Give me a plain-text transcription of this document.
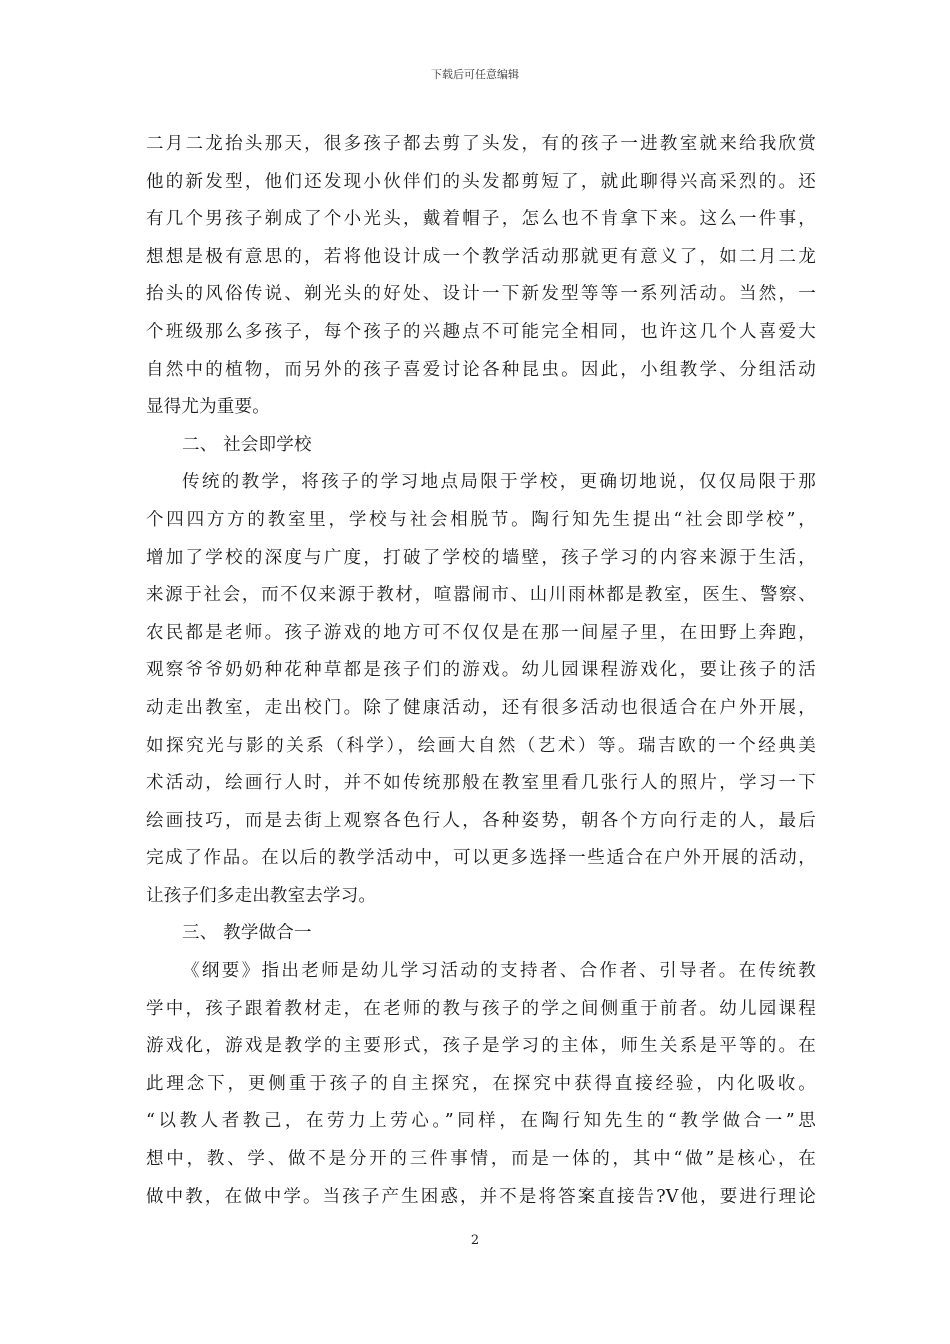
下载后可任意编辑
二月二龙抬头那天，很多孩子都去剪了头发，有的孩子一进教室就来给我欣赏
他的新发型，他们还发现小伙伴们的头发都剪短了，就此聊得兴高采烈的。还
有几个男孩子剃成了个小光头，戴着帽子，怎么也不肯拿下来。这么一件事，
想想是极有意思的，若将他设计成一个教学活动那就更有意义了，如二月二龙
抬头的风俗传说、剃光头的好处、设计一下新发型等等一系列活动。当然，一
个班级那么多孩子，每个孩子的兴趣点不可能完全相同，也许这几个人喜爱大
自然中的植物，而另外的孩子喜爱讨论各种昆虫。因此，小组教学、分组活动
显得尤为重要。
二、 社会即学校
传统的教学，将孩子的学习地点局限于学校，更确切地说，仅仅局限于那
个四四方方的教室里，学校与社会相脱节。陶行知先生提出“社会即学校”，
增加了学校的深度与广度，打破了学校的墙壁，孩子学习的内容来源于生活，
来源于社会，而不仅来源于教材，喧嚣闹市、山川雨林都是教室，医生、警察、
农民都是老师。孩子游戏的地方可不仅仅是在那一间屋子里，在田野上奔跑，
观察爷爷奶奶种花种草都是孩子们的游戏。幼儿园课程游戏化，要让孩子的活
动走出教室，走出校门。除了健康活动，还有很多活动也很适合在户外开展，
如探究光与影的关系（科学），绘画大自然（艺术）等。瑞吉欧的一个经典美
术活动，绘画行人时，并不如传统那般在教室里看几张行人的照片，学习一下
绘画技巧，而是去街上观察各色行人，各种姿势，朝各个方向行走的人，最后
完成了作品。在以后的教学活动中，可以更多选择一些适合在户外开展的活动，
让孩子们多走出教室去学习。
三、 教学做合一
《纲要》指出老师是幼儿学习活动的支持者、合作者、引导者。在传统教
学中，孩子跟着教材走，在老师的教与孩子的学之间侧重于前者。幼儿园课程
游戏化，游戏是教学的主要形式，孩子是学习的主体，师生关系是平等的。在
此理念下，更侧重于孩子的自主探究，在探究中获得直接经验，内化吸收。
“以教人者教己，在劳力上劳心。”同样，在陶行知先生的“教学做合一”思
想中，教、学、做不是分开的三件事情，而是一体的，其中“做”是核心，在
做中教，在做中学。当孩子产生困惑，并不是将答案直接告?V他，要进行理论
2
